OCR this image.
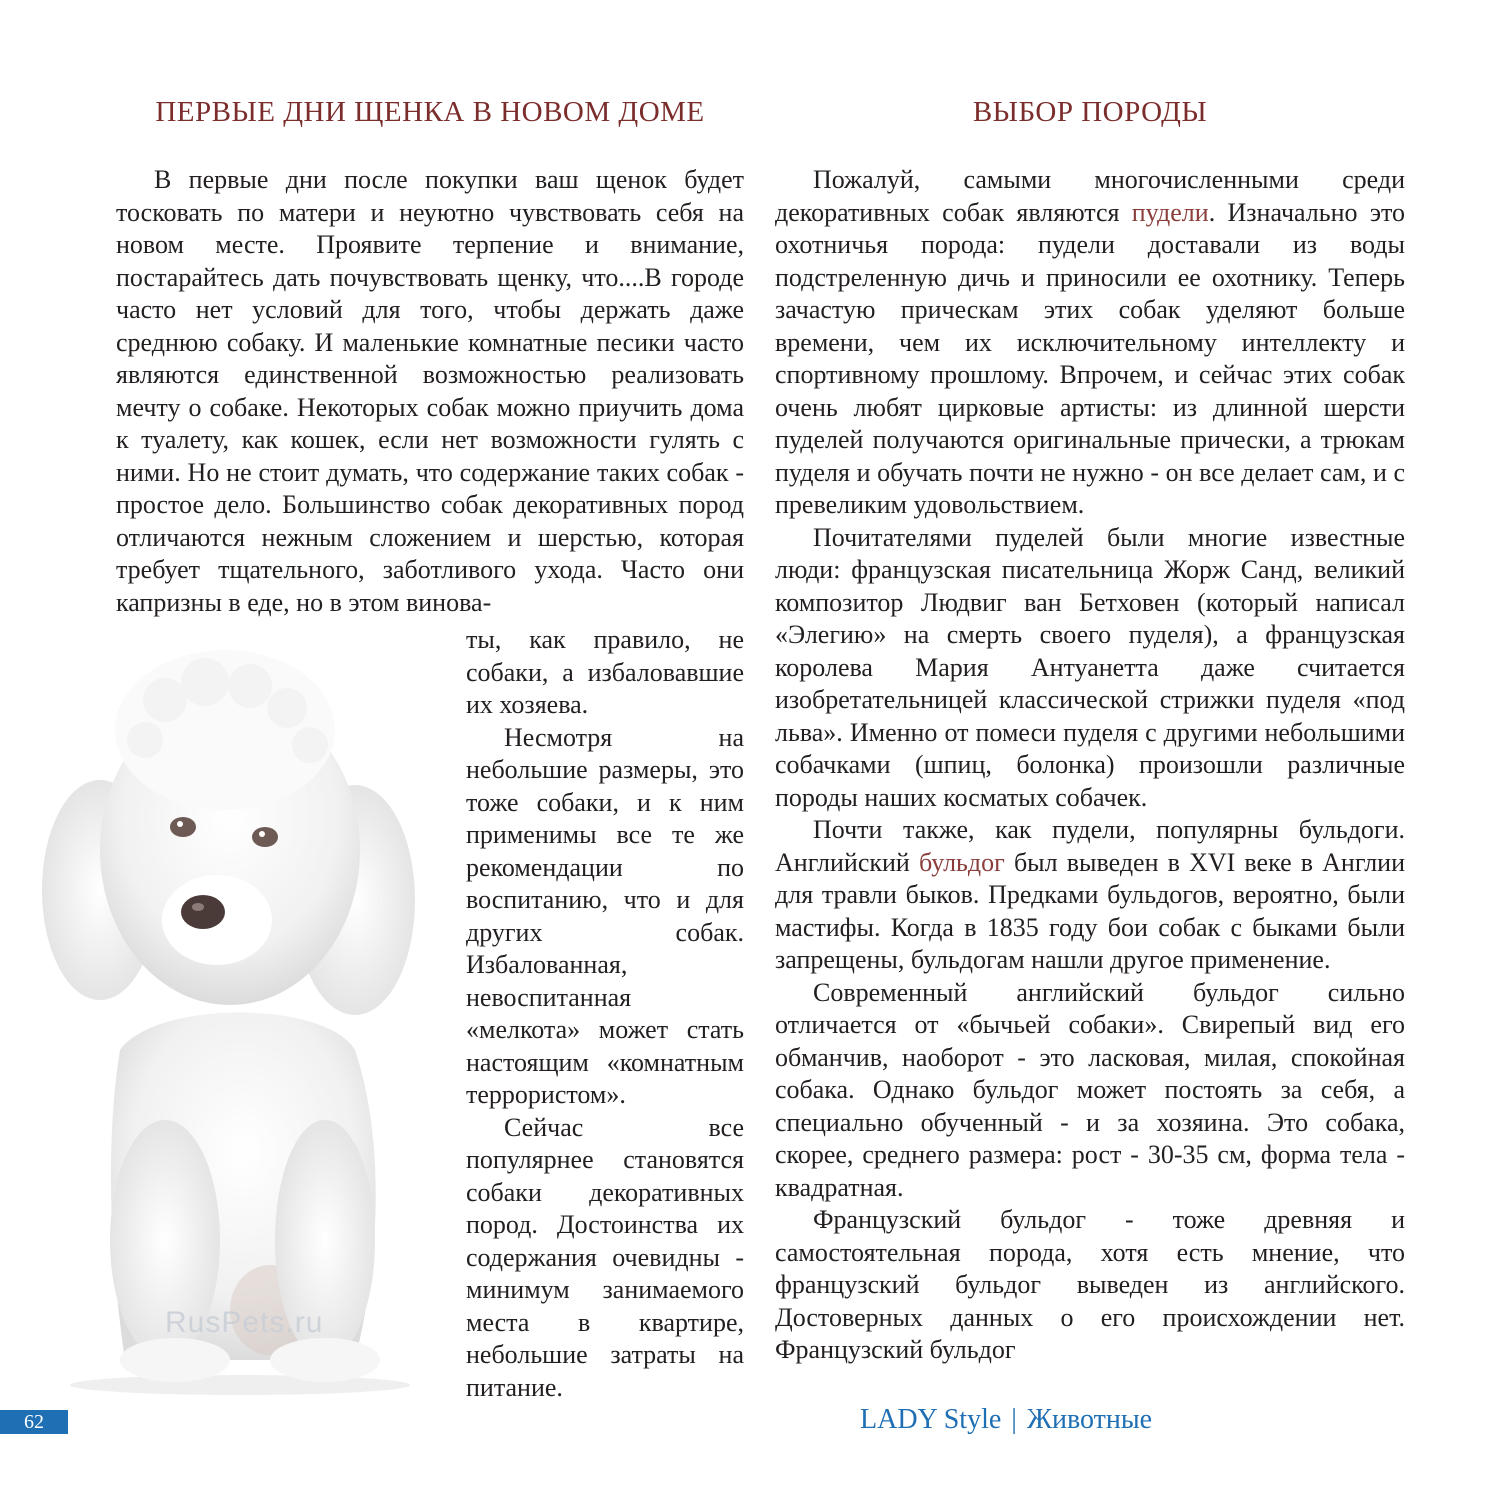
ПЕРВЫЕ ДНИ ЩЕНКА В НОВОМ ДОМЕ	ВЫБОР ПОРОДЫ

В первые дни после покупки ваш щенок будет тосковать по матери и неуютно чувствовать себя на новом месте. Проявите терпение и внимание, постарайтесь дать почувствовать щенку, что....В городе часто нет условий для того, чтобы держать даже среднюю собаку. И маленькие комнатные песики часто являются единственной возможностью реализовать мечту о собаке. Некоторых собак можно приучить дома к туалету, как кошек, если нет возможности гулять с ними. Но не стоит думать, что содержание таких собак - простое дело. Большинство собак декоративных пород отличаются нежным сложением и шерстью, которая требует тщательного, заботливого ухода. Часто они капризны в еде, но в этом винова-

ты, как правило, не собаки, а избаловавшие их хозяева.

Несмотря на небольшие размеры, это тоже собаки, и к ним применимы все те же рекомендации по воспитанию, что и для других собак. Избалованная, невоспитанная «мелкота» может стать настоящим «комнатным террористом».

Сейчас все популярнее становятся собаки декоративных пород. Достоинства их содержания очевидны - минимум занимаемого места в квартире, небольшие затраты на питание.

RusPets.ru

Пожалуй, самыми многочисленными среди декоративных собак являются пудели. Изначально это охотничья порода: пудели доставали из воды подстреленную дичь и приносили ее охотнику. Теперь зачастую прическам этих собак уделяют больше времени, чем их исключительному интеллекту и спортивному прошлому. Впрочем, и сейчас этих собак очень любят цирковые артисты: из длинной шерсти пуделей получаются оригинальные прически, а трюкам пуделя и обучать почти не нужно - он все делает сам, и с превеликим удовольствием.

Почитателями пуделей были многие известные люди: французская писательница Жорж Санд, великий композитор Людвиг ван Бетховен (который написал «Элегию» на смерть своего пуделя), а французская королева Мария Антуанетта даже считается изобретательницей классической стрижки пуделя «под льва». Именно от помеси пуделя с другими небольшими собачками (шпиц, болонка) произошли различные породы наших косматых собачек.

Почти также, как пудели, популярны бульдоги. Английский бульдог был выведен в XVI веке в Англии для травли быков. Предками бульдогов, вероятно, были мастифы. Когда в 1835 году бои собак с быками были запрещены, бульдогам нашли другое применение.

Современный английский бульдог сильно отличается от «бычьей собаки». Свирепый вид его обманчив, наоборот - это ласковая, милая, спокойная собака. Однако бульдог может постоять за себя, а специально обученный - и за хозяина. Это собака, скорее, среднего размера: рост - 30-35 см, форма тела - квадратная.

Французский бульдог - тоже древняя и самостоятельная порода, хотя есть мнение, что французский бульдог выведен из английского. Достоверных данных о его происхождении нет. Французский бульдог

62	LADY Style | Животные
